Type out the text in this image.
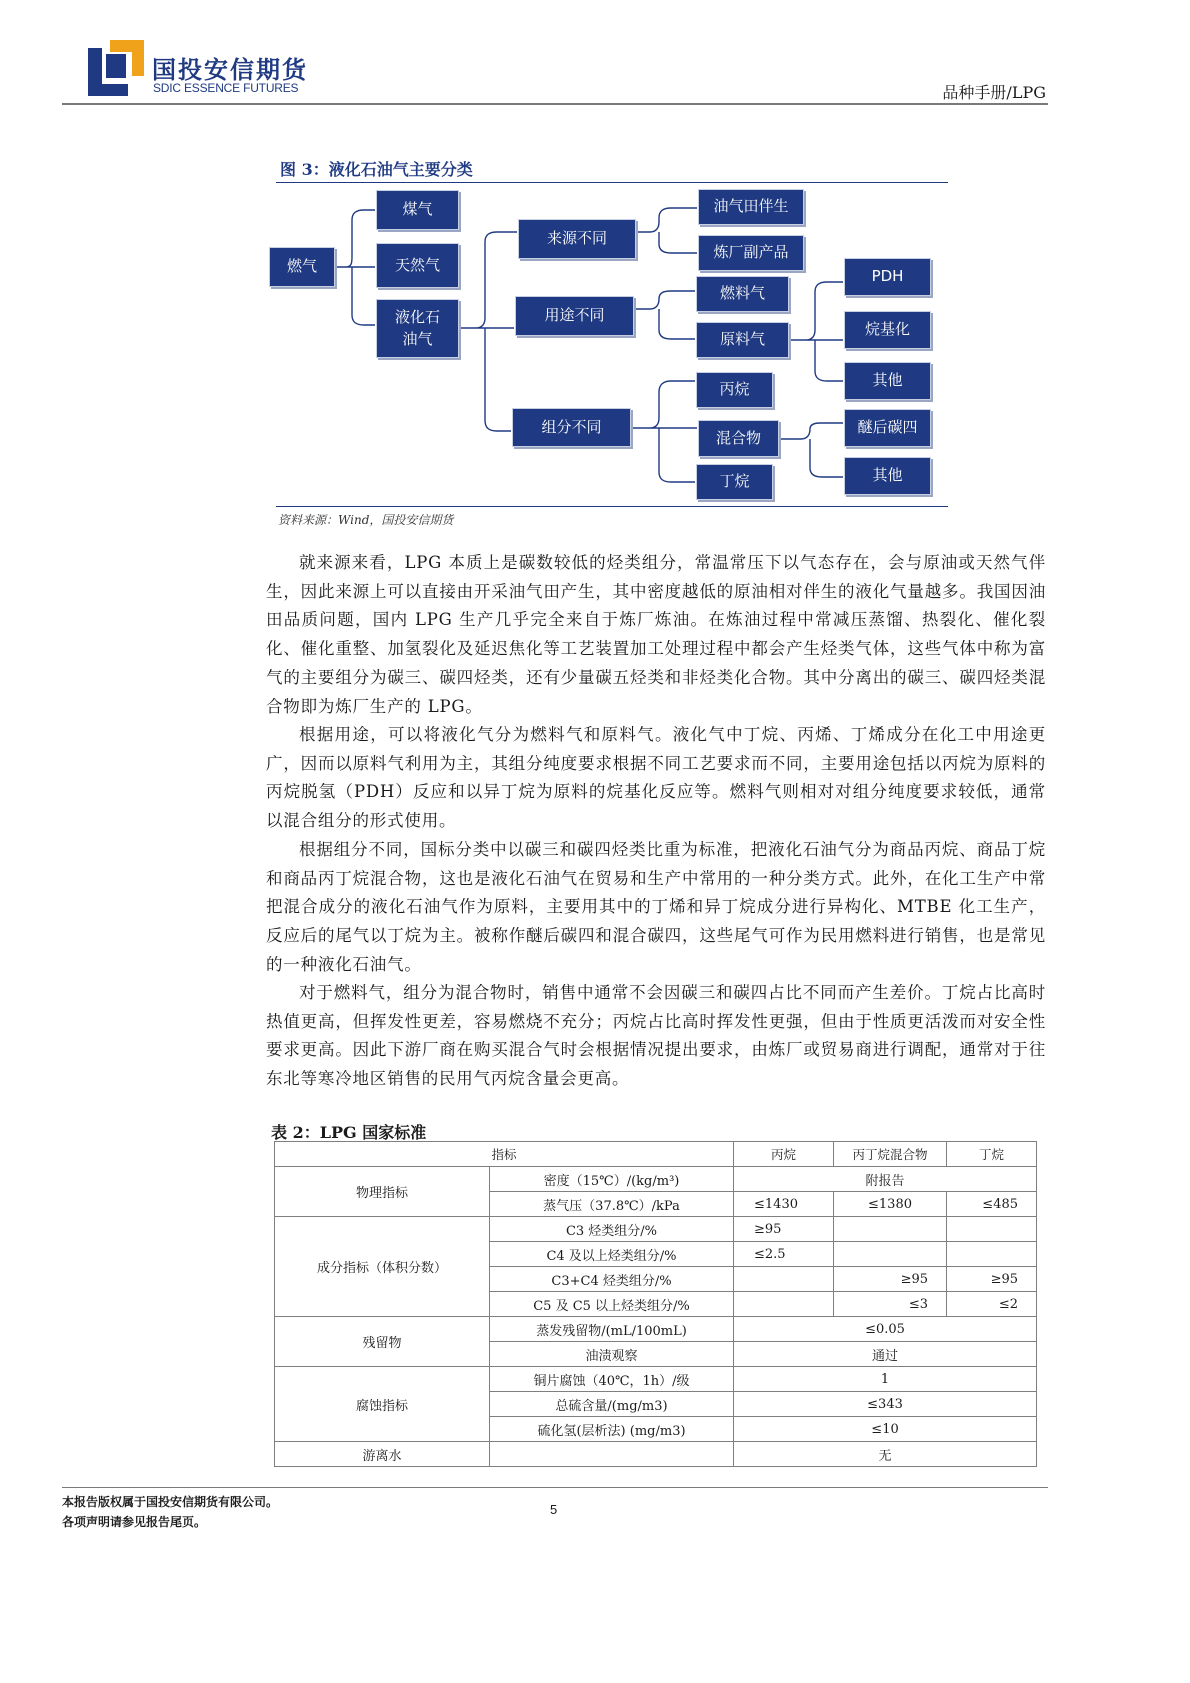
国投安信期货
SDIC ESSENCE FUTURES	品种手册/LPG
图 3：液化石油气主要分类
燃气
煤气
天然气
液化石油气
来源不同
用途不同
组分不同
油气田伴生
炼厂副产品
燃料气
原料气
丙烷
混合物
丁烷
PDH
烷基化
其他
醚后碳四
其他
资料来源：Wind，国投安信期货

就来源来看，LPG 本质上是碳数较低的烃类组分，常温常压下以气态存在，会与原油或天然气伴生，因此来源上可以直接由开采油气田产生，其中密度越低的原油相对伴生的液化气量越多。我国因油田品质问题，国内 LPG 生产几乎完全来自于炼厂炼油。在炼油过程中常减压蒸馏、热裂化、催化裂化、催化重整、加氢裂化及延迟焦化等工艺装置加工处理过程中都会产生烃类气体，这些气体中称为富气的主要组分为碳三、碳四烃类，还有少量碳五烃类和非烃类化合物。其中分离出的碳三、碳四烃类混合物即为炼厂生产的 LPG。

根据用途，可以将液化气分为燃料气和原料气。液化气中丁烷、丙烯、丁烯成分在化工中用途更广，因而以原料气利用为主，其组分纯度要求根据不同工艺要求而不同，主要用途包括以丙烷为原料的丙烷脱氢（PDH）反应和以异丁烷为原料的烷基化反应等。燃料气则相对对组分纯度要求较低，通常以混合组分的形式使用。

根据组分不同，国标分类中以碳三和碳四烃类比重为标准，把液化石油气分为商品丙烷、商品丁烷和商品丙丁烷混合物，这也是液化石油气在贸易和生产中常用的一种分类方式。此外，在化工生产中常把混合成分的液化石油气作为原料，主要用其中的丁烯和异丁烷成分进行异构化、MTBE 化工生产，反应后的尾气以丁烷为主。被称作醚后碳四和混合碳四，这些尾气可作为民用燃料进行销售，也是常见的一种液化石油气。

对于燃料气，组分为混合物时，销售中通常不会因碳三和碳四占比不同而产生差价。丁烷占比高时热值更高，但挥发性更差，容易燃烧不充分；丙烷占比高时挥发性更强，但由于性质更活泼而对安全性要求更高。因此下游厂商在购买混合气时会根据情况提出要求，由炼厂或贸易商进行调配，通常对于往东北等寒冷地区销售的民用气丙烷含量会更高。

表 2：LPG 国家标准
指标		丙烷	丙丁烷混合物	丁烷
物理指标	密度（15℃）/(kg/m³)	附报告		
	蒸气压（37.8℃）/kPa	≤1430	≤1380	≤485
成分指标（体积分数）	C3 烃类组分/%	≥95		
	C4 及以上烃类组分/%	≤2.5		
	C3+C4 烃类组分/%		≥95	≥95
	C5 及 C5 以上烃类组分/%		≤3	≤2
残留物	蒸发残留物/(mL/100mL)	≤0.05		
	油渍观察	通过		
腐蚀指标	铜片腐蚀（40℃，1h）/级	1		
	总硫含量/(mg/m3)	≤343		
	硫化氢(层析法) (mg/m3)	≤10		
游离水		无		
本报告版权属于国投安信期货有限公司。
各项声明请参见报告尾页。
5
